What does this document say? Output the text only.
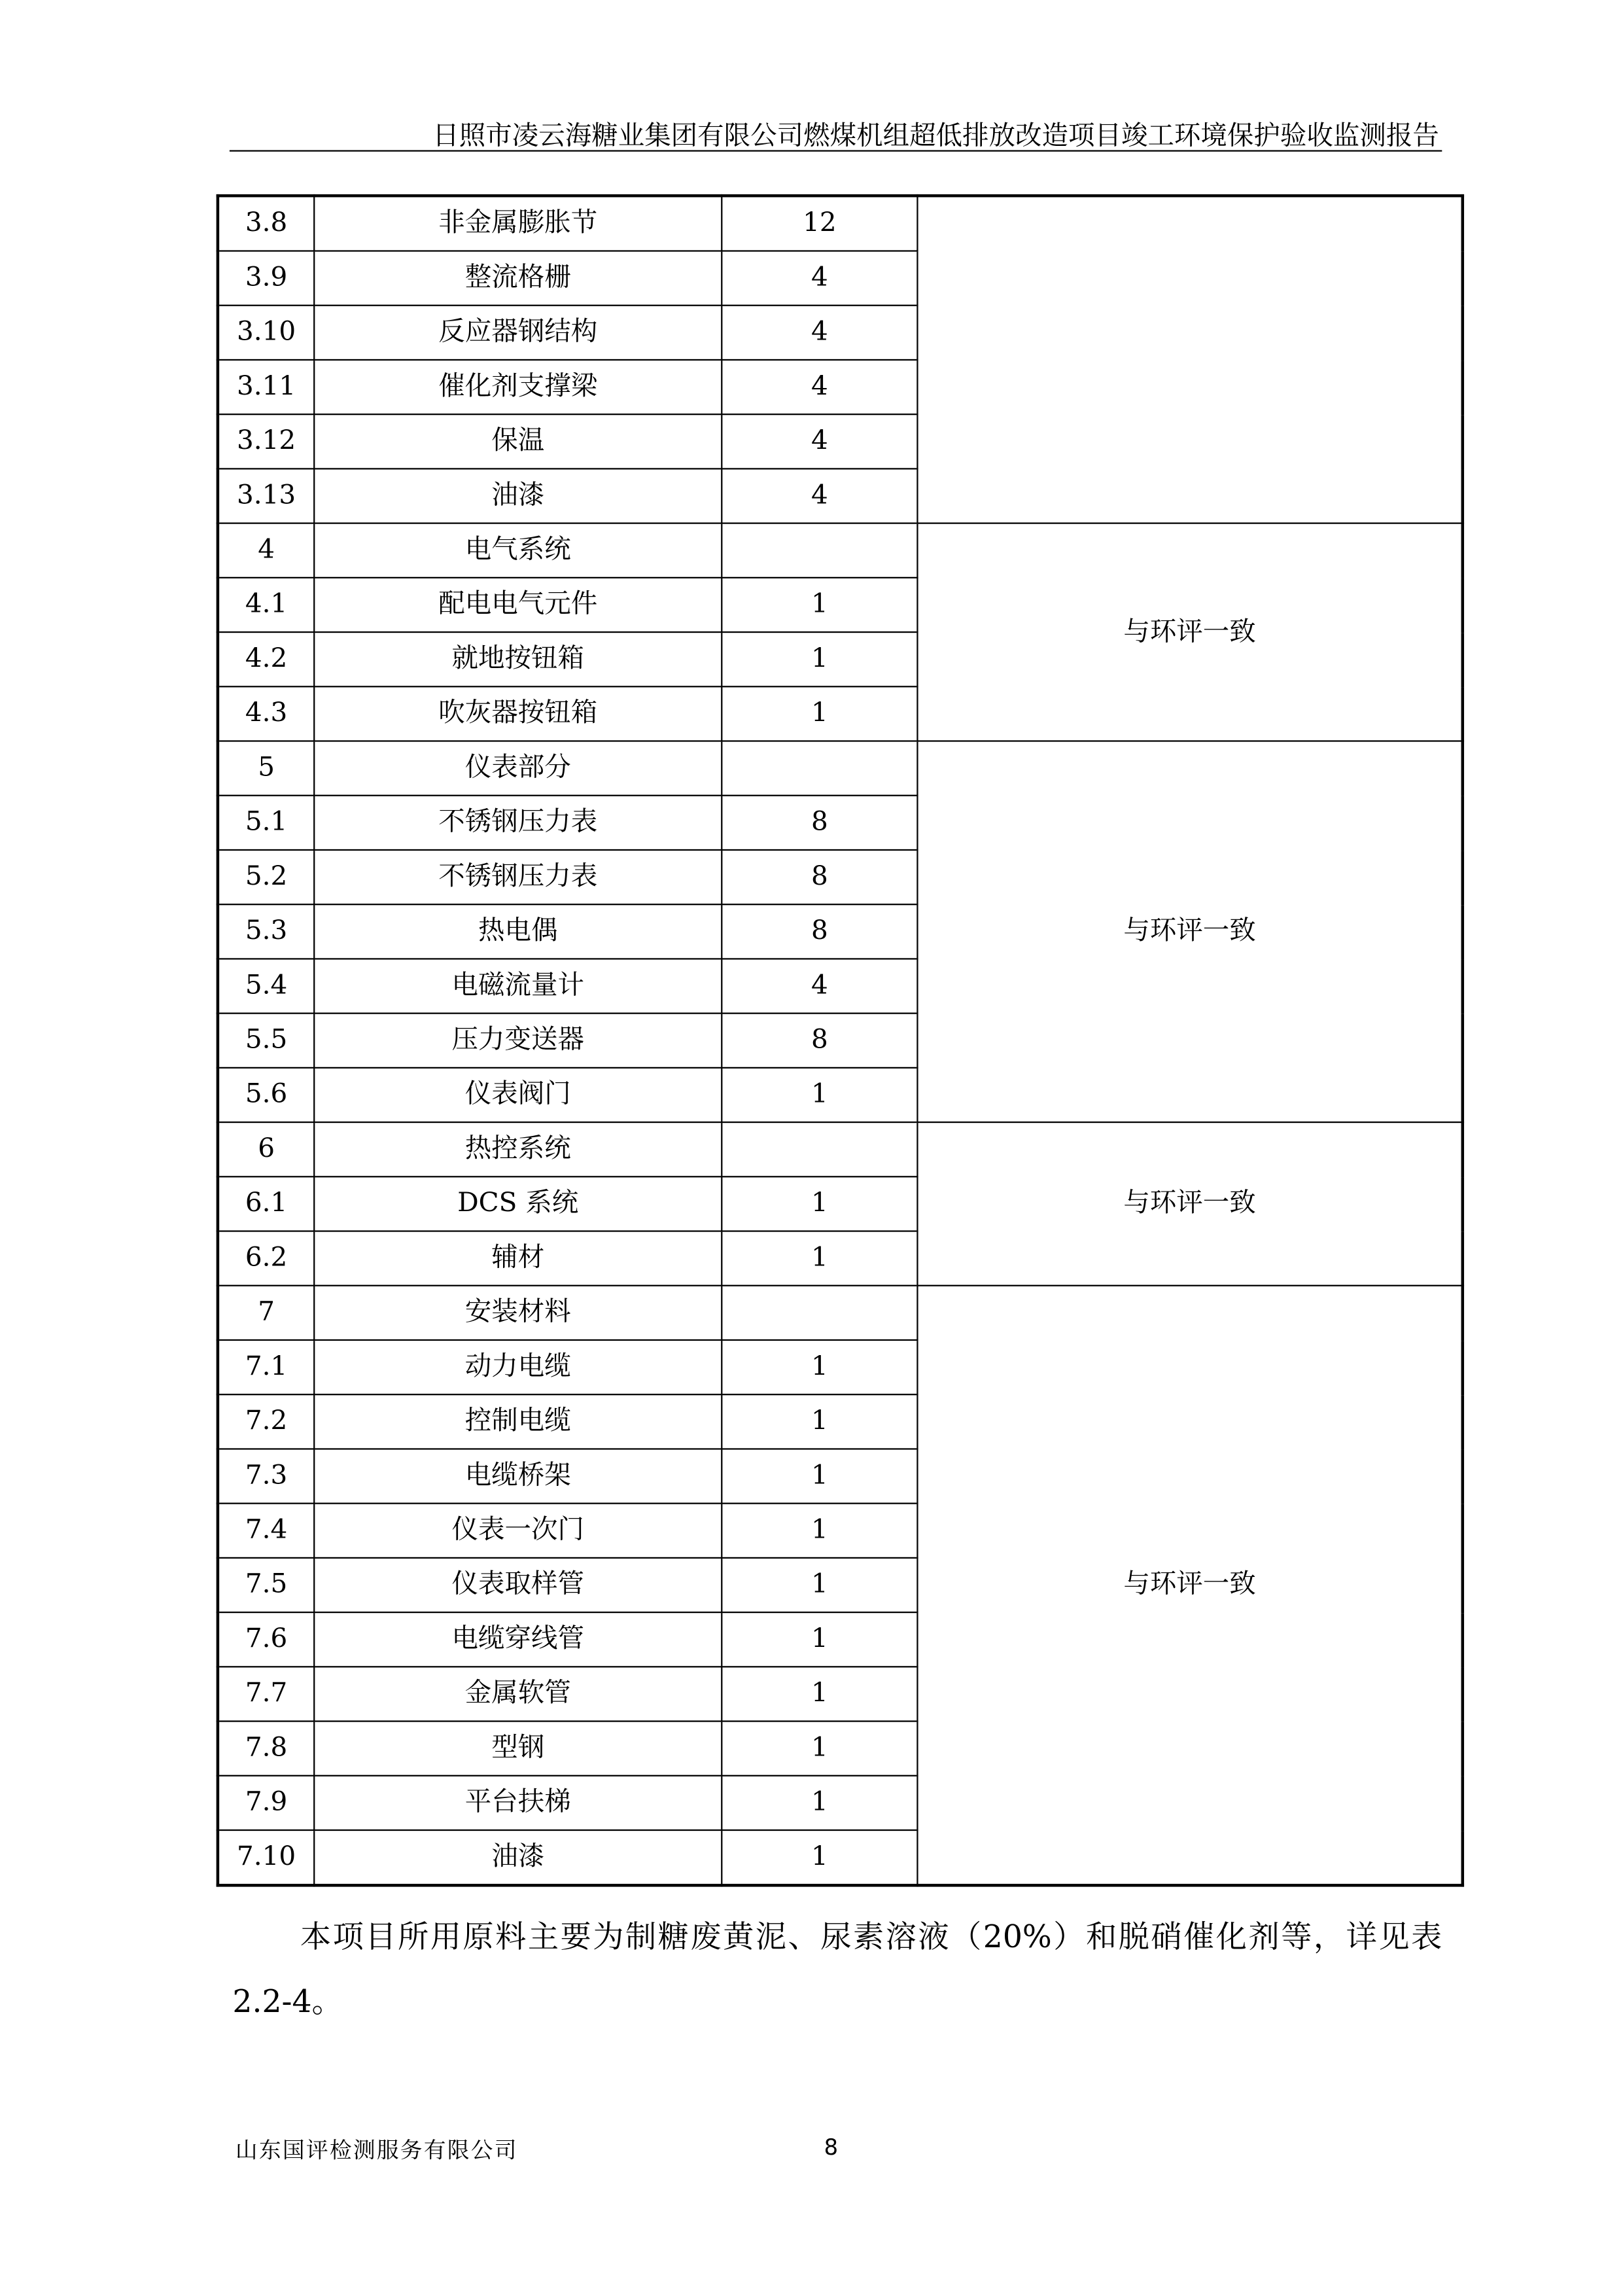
日照市凌云海糖业集团有限公司燃煤机组超低排放改造项目竣工环境保护验收监测报告
3.8	非金属膨胀节	12	
3.9	整流格栅	4	
3.10	反应器钢结构	4	
3.11	催化剂支撑梁	4	
3.12	保温	4	
3.13	油漆	4	
4	电气系统		与环评一致
4.1	配电电气元件	1	
4.2	就地按钮箱	1	
4.3	吹灰器按钮箱	1	
5	仪表部分		与环评一致
5.1	不锈钢压力表	8	
5.2	不锈钢压力表	8	
5.3	热电偶	8	
5.4	电磁流量计	4	
5.5	压力变送器	8	
5.6	仪表阀门	1	
6	热控系统		与环评一致
6.1	DCS 系统	1	
6.2	辅材	1	
7	安装材料		与环评一致
7.1	动力电缆	1	
7.2	控制电缆	1	
7.3	电缆桥架	1	
7.4	仪表一次门	1	
7.5	仪表取样管	1	
7.6	电缆穿线管	1	
7.7	金属软管	1	
7.8	型钢	1	
7.9	平台扶梯	1	
7.10	油漆	1	
本项目所用原料主要为制糖废黄泥、尿素溶液（20%）和脱硝催化剂等，详见表2.2-4。
山东国评检测服务有限公司	8
